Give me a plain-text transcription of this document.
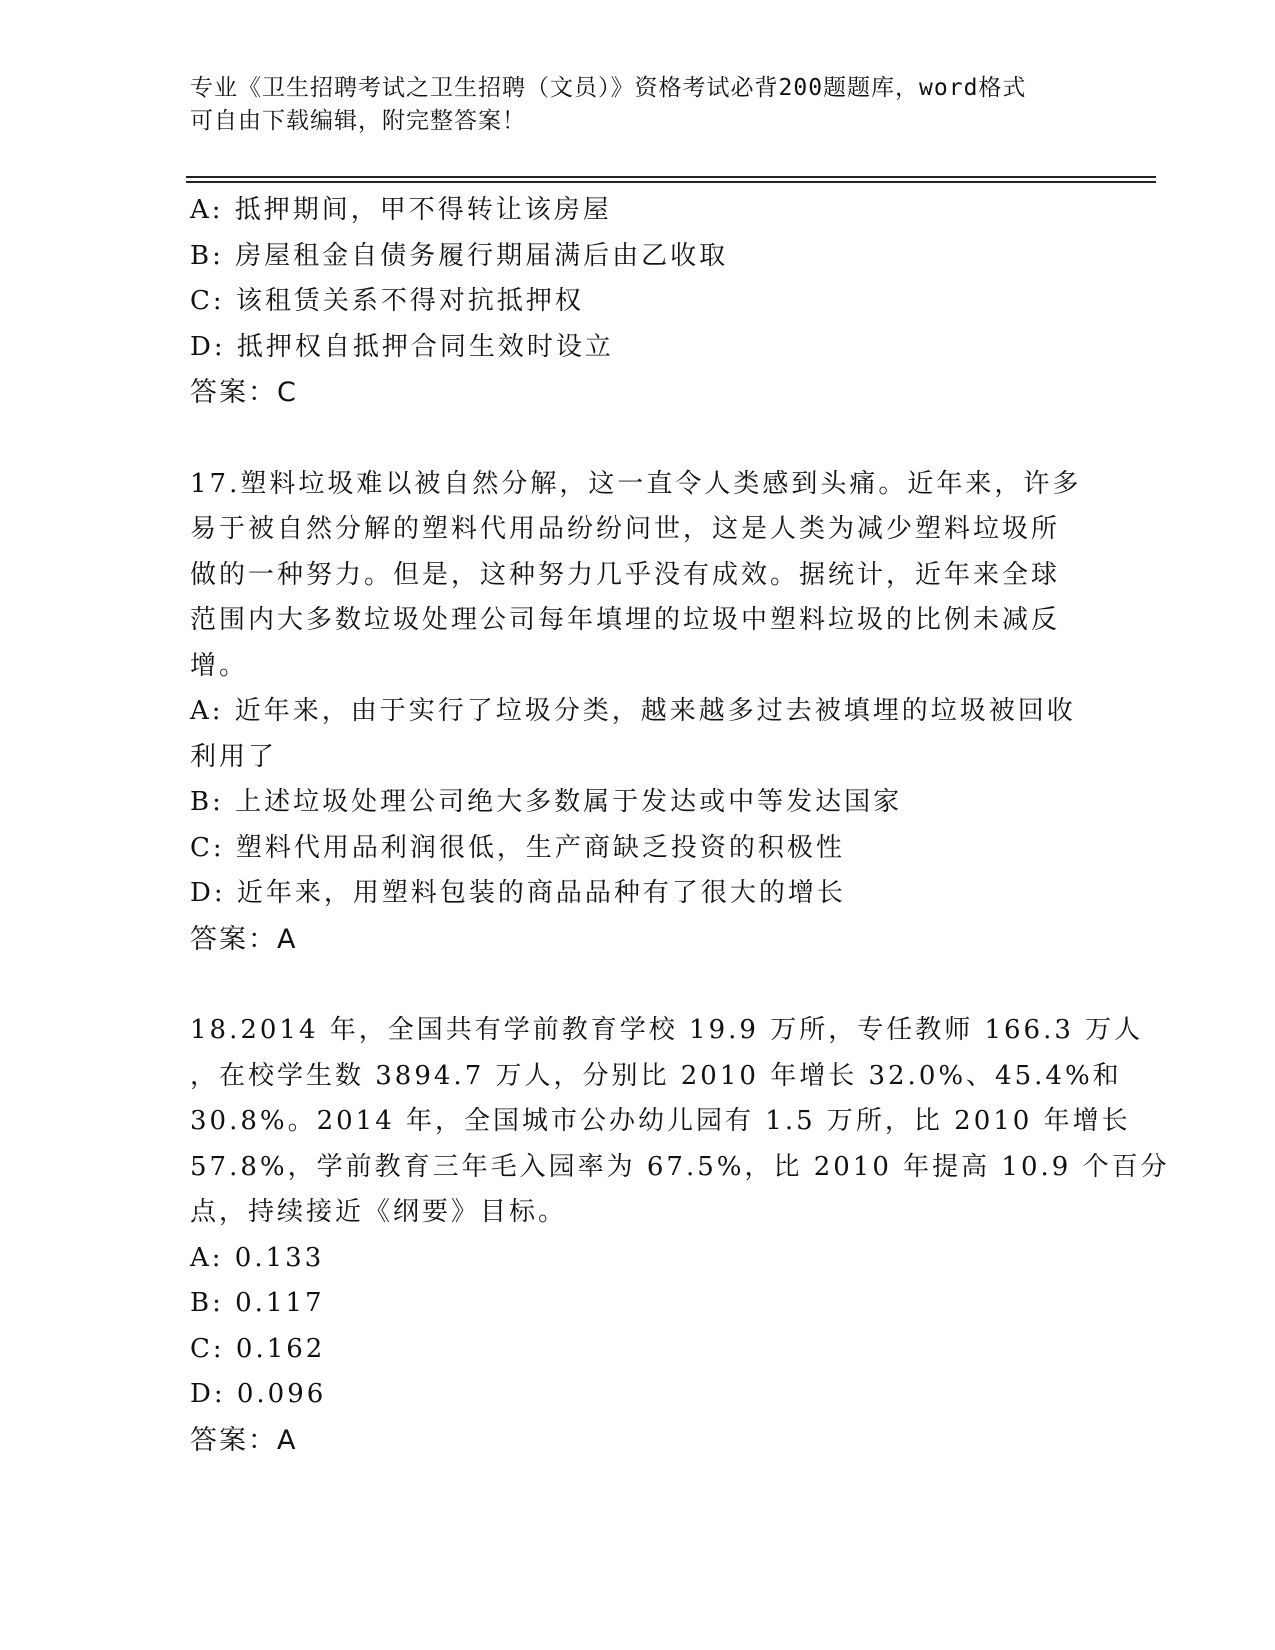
专业《卫生招聘考试之卫生招聘（文员）》资格考试必背200题题库，word格式
可自由下载编辑，附完整答案！
A: 抵押期间，甲不得转让该房屋
B: 房屋租金自债务履行期届满后由乙收取
C: 该租赁关系不得对抗抵押权
D: 抵押权自抵押合同生效时设立
答案：C
17.塑料垃圾难以被自然分解，这一直令人类感到头痛。近年来，许多
易于被自然分解的塑料代用品纷纷问世，这是人类为减少塑料垃圾所
做的一种努力。但是，这种努力几乎没有成效。据统计，近年来全球
范围内大多数垃圾处理公司每年填埋的垃圾中塑料垃圾的比例未减反
增。
A: 近年来，由于实行了垃圾分类，越来越多过去被填埋的垃圾被回收
利用了
B: 上述垃圾处理公司绝大多数属于发达或中等发达国家
C: 塑料代用品利润很低，生产商缺乏投资的积极性
D: 近年来，用塑料包装的商品品种有了很大的增长
答案：A
18.2014 年，全国共有学前教育学校 19.9 万所，专任教师 166.3 万人
，在校学生数 3894.7 万人，分别比 2010 年增长 32.0%、45.4%和
30.8%。2014 年，全国城市公办幼儿园有 1.5 万所，比 2010 年增长
57.8%，学前教育三年毛入园率为 67.5%，比 2010 年提高 10.9 个百分
点，持续接近《纲要》目标。
A: 0.133
B: 0.117
C: 0.162
D: 0.096
答案：A
